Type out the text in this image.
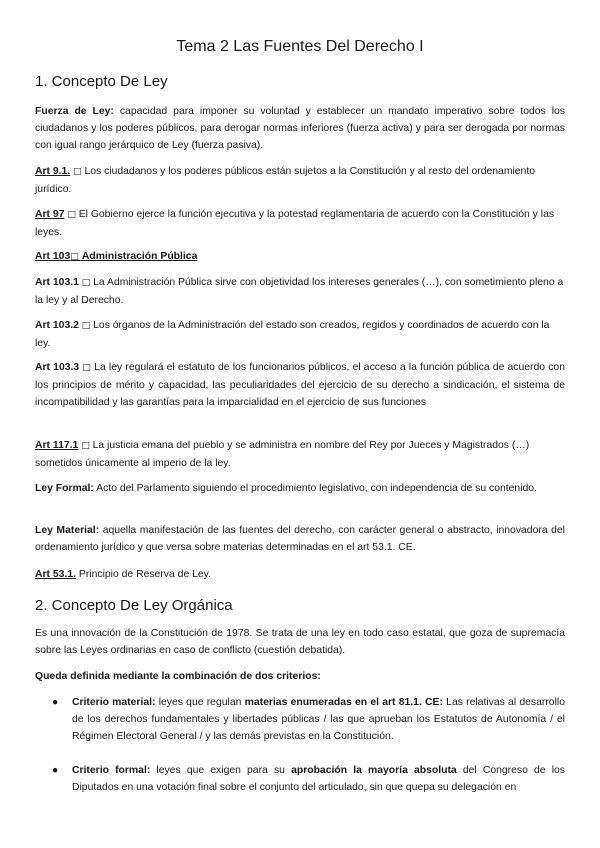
Tema 2 Las Fuentes Del Derecho I
1. Concepto De Ley
Fuerza de Ley: capacidad para imponer su voluntad y establecer un mandato imperativo sobre todos los ciudadanos y los poderes públicos, para derogar normas inferiores (fuerza activa) y para ser derogada por normas con igual rango jerárquico de Ley (fuerza pasiva).
Art 9.1. □ Los ciudadanos y los poderes públicos están sujetos a la Constitución y al resto del ordenamiento jurídico.
Art 97 □ El Gobierno ejerce la función ejecutiva y la potestad reglamentaria de acuerdo con la Constitución y las leyes.
Art 103□ Administración Pública
Art 103.1 □ La Administración Pública sirve con objetividad los intereses generales (…), con sometimiento pleno a la ley y al Derecho.
Art 103.2 □ Los órganos de la Administración del estado son creados, regidos y coordinados de acuerdo con la ley.
Art 103.3 □ La ley regulará el estatuto de los funcionarios públicos, el acceso a la función pública de acuerdo con los principios de mérito y capacidad, las peculiaridades del ejercicio de su derecho a sindicación, el sistema de incompatibilidad y las garantías para la imparcialidad en el ejercicio de sus funciones
Art 117.1 □ La justicia emana del pueblo y se administra en nombre del Rey por Jueces y Magistrados (…) sometidos únicamente al imperio de la ley.
Ley Formal: Acto del Parlamento siguiendo el procedimiento legislativo, con independencia de su contenido.
Ley Material: aquella manifestación de las fuentes del derecho, con carácter general o abstracto, innovadora del ordenamiento jurídico y que versa sobre materias determinadas en el art 53.1. CE.
Art 53.1. Principio de Reserva de Ley.
2. Concepto De Ley Orgánica
Es una innovación de la Constitución de 1978. Se trata de una ley en todo caso estatal, que goza de supremacía sobre las Leyes ordinarias en caso de conflicto (cuestión debatida).
Queda definida mediante la combinación de dos criterios:
● Criterio material: leyes que regulan materias enumeradas en el art 81.1. CE: Las relativas al desarrollo de los derechos fundamentales y libertades públicas / las que aprueban los Estatutos de Autonomía / el Régimen Electoral General / y las demás previstas en la Constitución.
● Criterio formal: leyes que exigen para su aprobación la mayoría absoluta del Congreso de los Diputados en una votación final sobre el conjunto del articulado, sin que quepa su delegación en
